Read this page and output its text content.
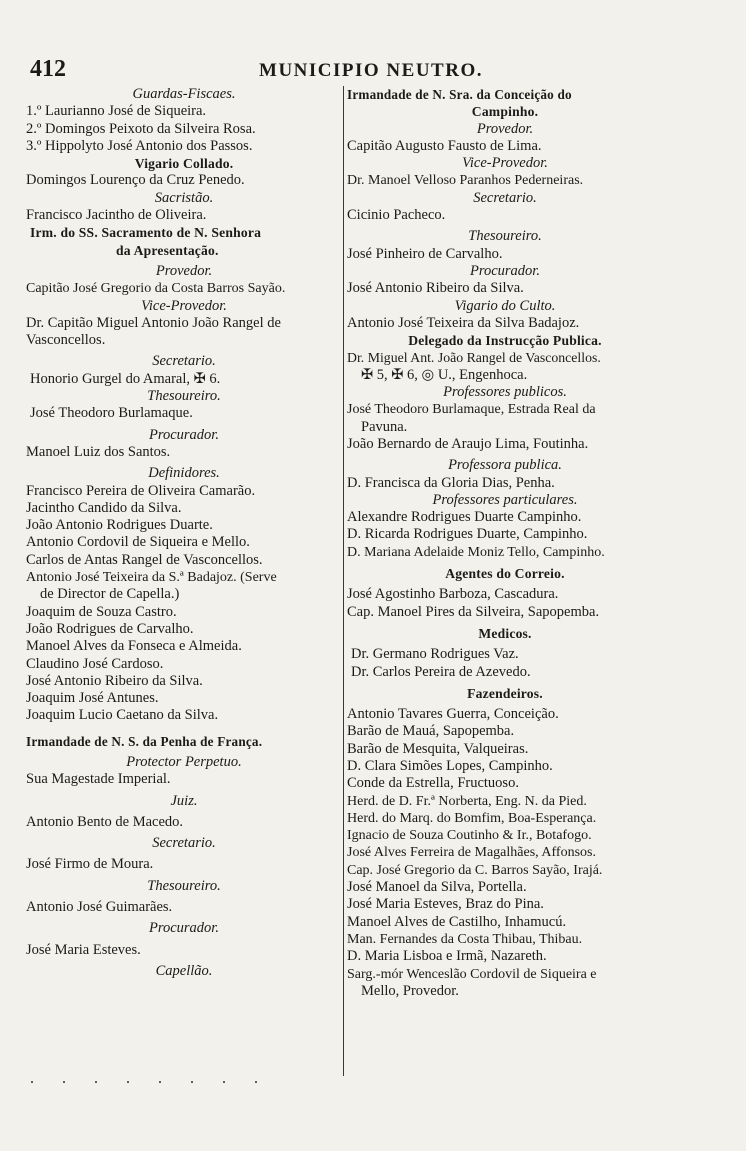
412	MUNICIPIO NEUTRO.
Guardas-Fiscaes.
1.º Laurianno José de Siqueira.
2.º Domingos Peixoto da Silveira Rosa.
3.º Hippolyto José Antonio dos Passos.
Vigario Collado.
Domingos Lourenço da Cruz Penedo.
Sacristão.
Francisco Jacintho de Oliveira.
Irm. do SS. Sacramento de N. Senhora
da Apresentação.
Provedor.
Capitão José Gregorio da Costa Barros Sayão.
Vice-Provedor.
Dr. Capitão Miguel Antonio João Rangel de
Vasconcellos.
Secretario.
Honorio Gurgel do Amaral, ✠ 6.
Thesoureiro.
José Theodoro Burlamaque.
Procurador.
Manoel Luiz dos Santos.
Definidores.
Francisco Pereira de Oliveira Camarão.
Jacintho Candido da Silva.
João Antonio Rodrigues Duarte.
Antonio Cordovil de Siqueira e Mello.
Carlos de Antas Rangel de Vasconcellos.
Antonio José Teixeira da S.ª Badajoz. (Serve
de Director de Capella.)
Joaquim de Souza Castro.
João Rodrigues de Carvalho.
Manoel Alves da Fonseca e Almeida.
Claudino José Cardoso.
José Antonio Ribeiro da Silva.
Joaquim José Antunes.
Joaquim Lucio Caetano da Silva.
Irmandade de N. S. da Penha de França.
Protector Perpetuo.
Sua Magestade Imperial.
Juiz.
Antonio Bento de Macedo.
Secretario.
José Firmo de Moura.
Thesoureiro.
Antonio José Guimarães.
Procurador.
José Maria Esteves.
Capellão.
. . . . . . . .
Irmandade de N. Sra. da Conceição do
Campinho.
Provedor.
Capitão Augusto Fausto de Lima.
Vice-Provedor.
Dr. Manoel Velloso Paranhos Pederneiras.
Secretario.
Cicinio Pacheco.
Thesoureiro.
José Pinheiro de Carvalho.
Procurador.
José Antonio Ribeiro da Silva.
Vigario do Culto.
Antonio José Teixeira da Silva Badajoz.
Delegado da Instrucção Publica.
Dr. Miguel Ant. João Rangel de Vasconcellos.
✠ 5, ✠ 6, ◎ U., Engenhoca.
Professores publicos.
José Theodoro Burlamaque, Estrada Real da
Pavuna.
João Bernardo de Araujo Lima, Foutinha.
Professora publica.
D. Francisca da Gloria Dias, Penha.
Professores particulares.
Alexandre Rodrigues Duarte Campinho.
D. Ricarda Rodrigues Duarte, Campinho.
D. Mariana Adelaide Moniz Tello, Campinho.
Agentes do Correio.
José Agostinho Barboza, Cascadura.
Cap. Manoel Pires da Silveira, Sapopemba.
Medicos.
Dr. Germano Rodrigues Vaz.
Dr. Carlos Pereira de Azevedo.
Fazendeiros.
Antonio Tavares Guerra, Conceição.
Barão de Mauá, Sapopemba.
Barão de Mesquita, Valqueiras.
D. Clara Simões Lopes, Campinho.
Conde da Estrella, Fructuoso.
Herd. de D. Fr.ª Norberta, Eng. N. da Pied.
Herd. do Marq. do Bomfim, Boa-Esperança.
Ignacio de Souza Coutinho & Ir., Botafogo.
José Alves Ferreira de Magalhães, Affonsos.
Cap. José Gregorio da C. Barros Sayão, Irajá.
José Manoel da Silva, Portella.
José Maria Esteves, Braz do Pina.
Manoel Alves de Castilho, Inhamucú.
Man. Fernandes da Costa Thibau, Thibau.
D. Maria Lisboa e Irmã, Nazareth.
Sarg.-mór Wenceslão Cordovil de Siqueira e
Mello, Provedor.
